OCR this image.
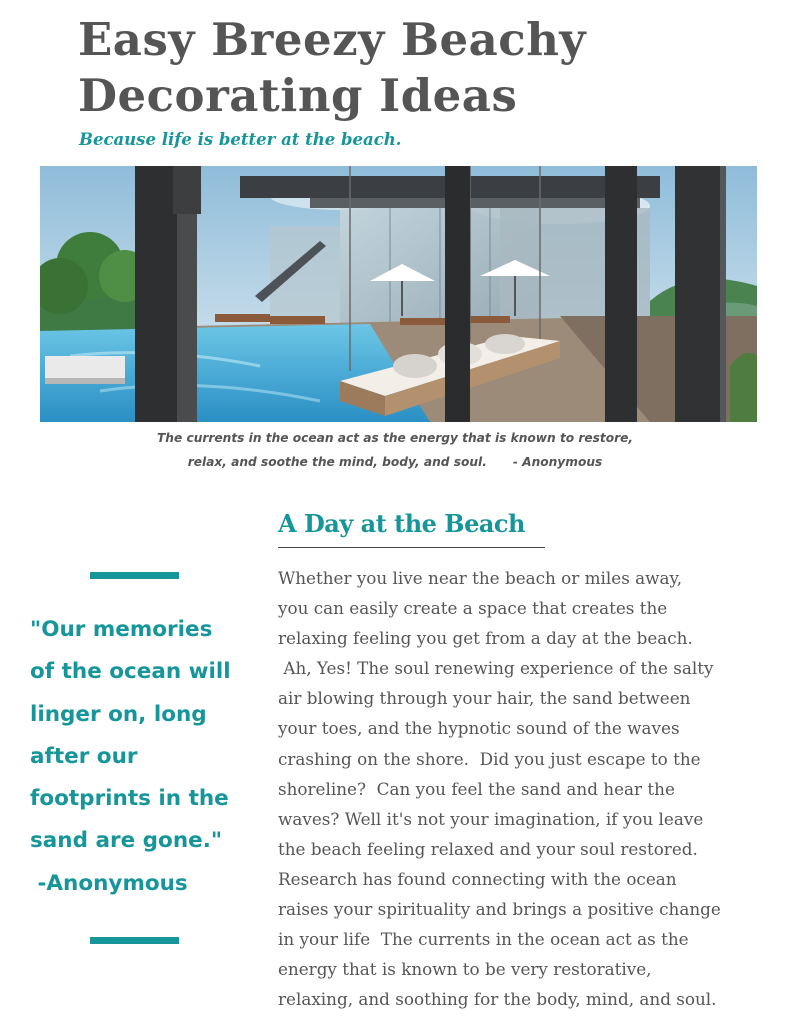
Easy Breezy Beachy
Decorating Ideas
Because life is better at the beach.
The currents in the ocean act as the energy that is known to restore,
relax, and soothe the mind, body, and soul. - Anonymous
A Day at the Beach
"Our memories
of the ocean will
linger on, long
after our
footprints in the
sand are gone."
-Anonymous
Whether you live near the beach or miles away,
you can easily create a space that creates the
relaxing feeling you get from a day at the beach.
Ah, Yes! The soul renewing experience of the salty
air blowing through your hair, the sand between
your toes, and the hypnotic sound of the waves
crashing on the shore.  Did you just escape to the
shoreline?  Can you feel the sand and hear the
waves? Well it's not your imagination, if you leave
the beach feeling relaxed and your soul restored.
Research has found connecting with the ocean
raises your spirituality and brings a positive change
in your life  The currents in the ocean act as the
energy that is known to be very restorative,
relaxing, and soothing for the body, mind, and soul.
